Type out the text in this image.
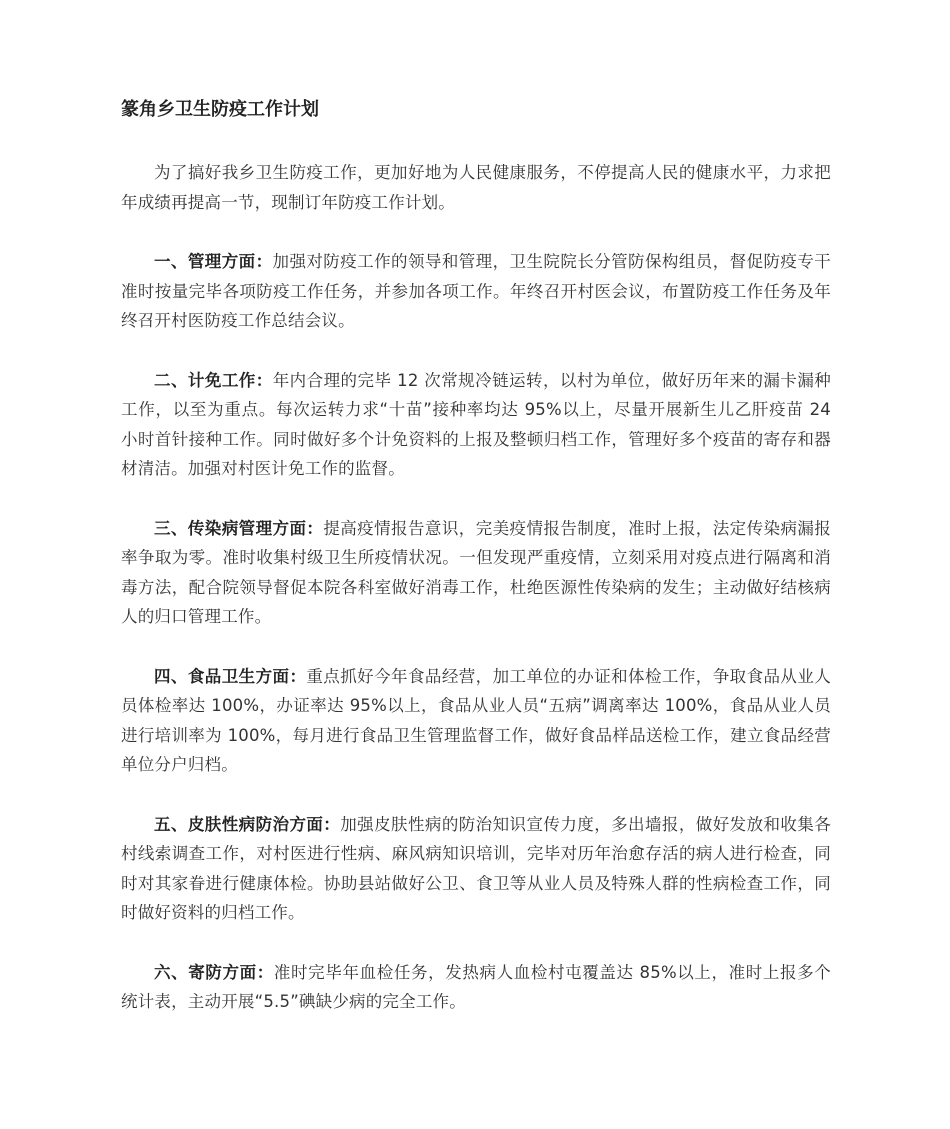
篆角乡卫生防疫工作计划

为了搞好我乡卫生防疫工作，更加好地为人民健康服务，不停提高人民的健康水平，力求把年成绩再提高一节，现制订年防疫工作计划。

一、管理方面：加强对防疫工作的领导和管理，卫生院院长分管防保构组员，督促防疫专干准时按量完毕各项防疫工作任务，并参加各项工作。年终召开村医会议，布置防疫工作任务及年终召开村医防疫工作总结会议。

二、计免工作：年内合理的完毕 12 次常规冷链运转，以村为单位，做好历年来的漏卡漏种工作，以至为重点。每次运转力求“十苗”接种率均达 95%以上，尽量开展新生儿乙肝疫苗 24 小时首针接种工作。同时做好多个计免资料的上报及整顿归档工作，管理好多个疫苗的寄存和器材清洁。加强对村医计免工作的监督。

三、传染病管理方面：提高疫情报告意识，完美疫情报告制度，准时上报，法定传染病漏报率争取为零。准时收集村级卫生所疫情状况。一但发现严重疫情，立刻采用对疫点进行隔离和消毒方法，配合院领导督促本院各科室做好消毒工作，杜绝医源性传染病的发生；主动做好结核病人的归口管理工作。

四、食品卫生方面：重点抓好今年食品经营，加工单位的办证和体检工作，争取食品从业人员体检率达 100%，办证率达 95%以上，食品从业人员“五病”调离率达 100%，食品从业人员进行培训率为 100%，每月进行食品卫生管理监督工作，做好食品样品送检工作，建立食品经营单位分户归档。

五、皮肤性病防治方面：加强皮肤性病的防治知识宣传力度，多出墙报，做好发放和收集各村线索调查工作，对村医进行性病、麻风病知识培训，完毕对历年治愈存活的病人进行检查，同时对其家眷进行健康体检。协助县站做好公卫、食卫等从业人员及特殊人群的性病检查工作，同时做好资料的归档工作。

六、寄防方面：准时完毕年血检任务，发热病人血检村屯覆盖达 85%以上，准时上报多个统计表，主动开展“5.5”碘缺少病的完全工作。
